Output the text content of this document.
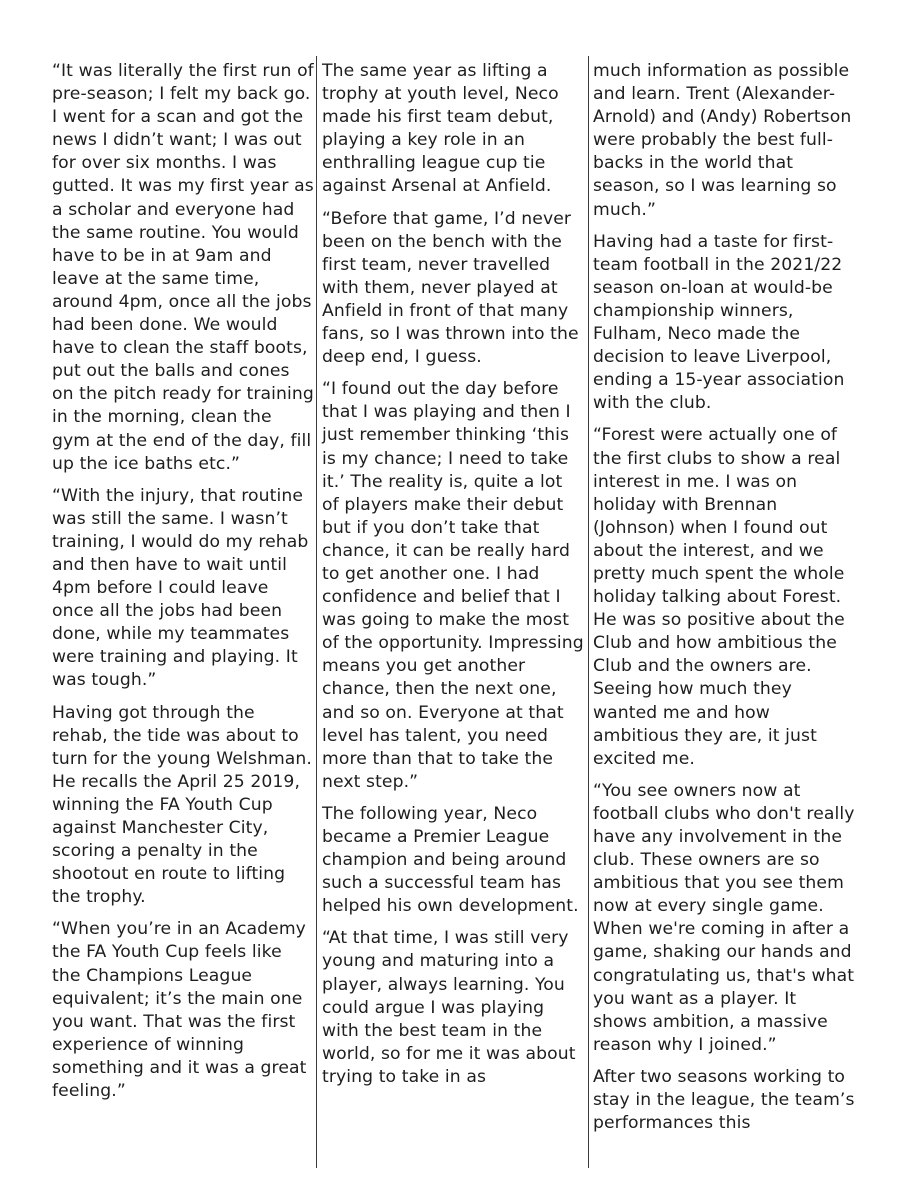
“It was literally the first run of pre-season; I felt my back go. I went for a scan and got the news I didn’t want; I was out for over six months. I was gutted. It was my first year as a scholar and everyone had the same routine. You would have to be in at 9am and leave at the same time, around 4pm, once all the jobs had been done. We would have to clean the staff boots, put out the balls and cones on the pitch ready for training in the morning, clean the gym at the end of the day, fill up the ice baths etc.”

“With the injury, that routine was still the same. I wasn’t training, I would do my rehab and then have to wait until 4pm before I could leave once all the jobs had been done, while my teammates were training and playing. It was tough.”

Having got through the rehab, the tide was about to turn for the young Welshman. He recalls the April 25 2019, winning the FA Youth Cup against Manchester City, scoring a penalty in the shootout en route to lifting the trophy.

“When you’re in an Academy the FA Youth Cup feels like the Champions League equivalent; it’s the main one you want. That was the first experience of winning something and it was a great feeling.”

The same year as lifting a trophy at youth level, Neco made his first team debut, playing a key role in an enthralling league cup tie against Arsenal at Anfield.

“Before that game, I’d never been on the bench with the first team, never travelled with them, never played at Anfield in front of that many fans, so I was thrown into the deep end, I guess.

“I found out the day before that I was playing and then I just remember thinking ‘this is my chance; I need to take it.’ The reality is, quite a lot of players make their debut but if you don’t take that chance, it can be really hard to get another one. I had confidence and belief that I was going to make the most of the opportunity. Impressing means you get another chance, then the next one, and so on. Everyone at that level has talent, you need more than that to take the next step.”

The following year, Neco became a Premier League champion and being around such a successful team has helped his own development.

“At that time, I was still very young and maturing into a player, always learning. You could argue I was playing with the best team in the world, so for me it was about trying to take in as

much information as possible and learn. Trent (Alexander-Arnold) and (Andy) Robertson were probably the best full-backs in the world that season, so I was learning so much.”

Having had a taste for first-team football in the 2021/22 season on-loan at would-be championship winners, Fulham, Neco made the decision to leave Liverpool, ending a 15-year association with the club.

“Forest were actually one of the first clubs to show a real interest in me. I was on holiday with Brennan (Johnson) when I found out about the interest, and we pretty much spent the whole holiday talking about Forest. He was so positive about the Club and how ambitious the Club and the owners are. Seeing how much they wanted me and how ambitious they are, it just excited me.

“You see owners now at football clubs who don't really have any involvement in the club. These owners are so ambitious that you see them now at every single game. When we're coming in after a game, shaking our hands and congratulating us, that's what you want as a player. It shows ambition, a massive reason why I joined.”

After two seasons working to stay in the league, the team’s performances this
